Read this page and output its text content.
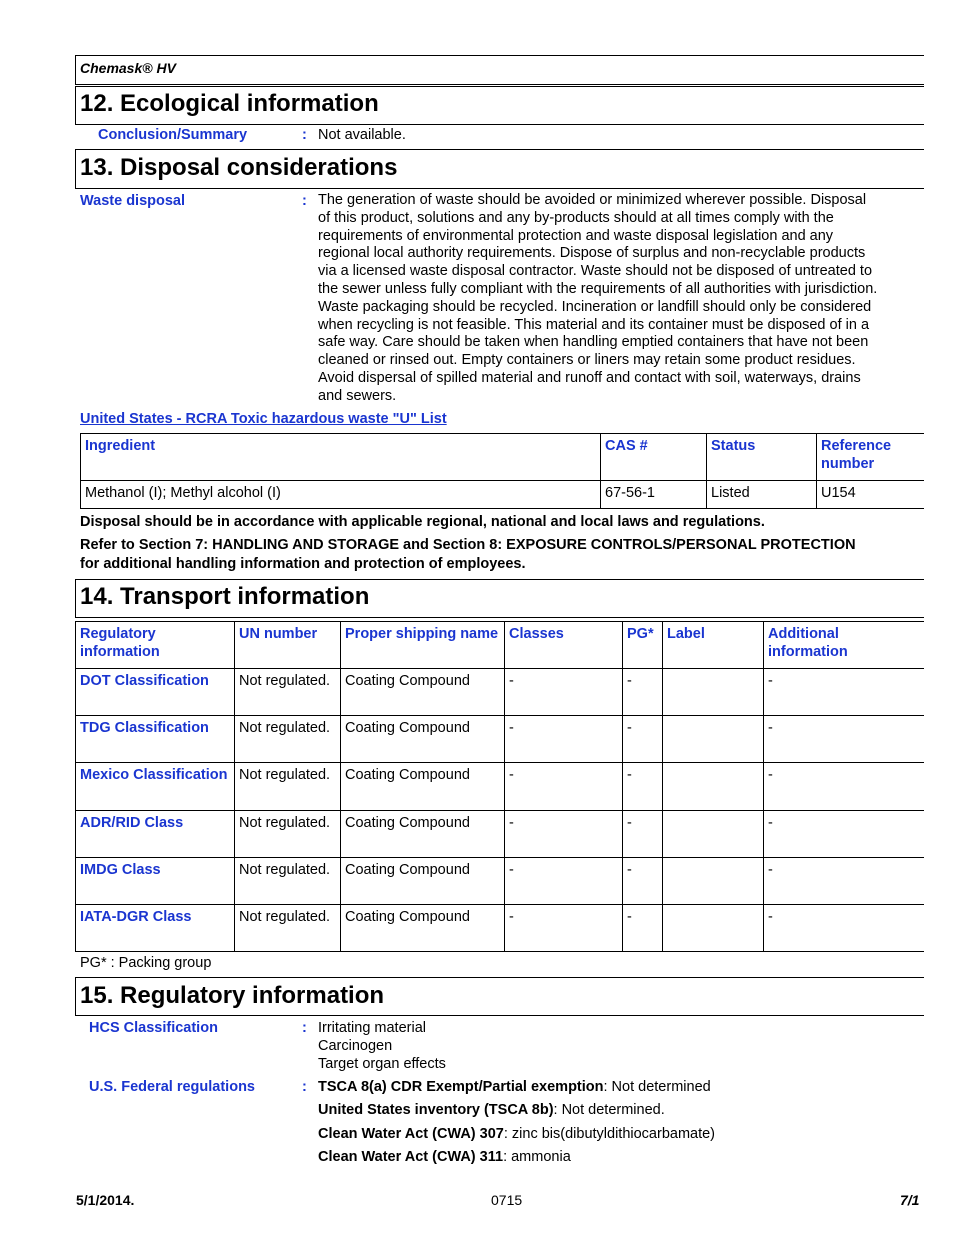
Chemask® HV
12. Ecological information
Conclusion/Summary	: Not available.
13. Disposal considerations
Waste disposal	: The generation of waste should be avoided or minimized wherever possible. Disposal
of this product, solutions and any by-products should at all times comply with the
requirements of environmental protection and waste disposal legislation and any
regional local authority requirements. Dispose of surplus and non-recyclable products
via a licensed waste disposal contractor. Waste should not be disposed of untreated to
the sewer unless fully compliant with the requirements of all authorities with jurisdiction.
Waste packaging should be recycled. Incineration or landfill should only be considered
when recycling is not feasible. This material and its container must be disposed of in a
safe way. Care should be taken when handling emptied containers that have not been
cleaned or rinsed out. Empty containers or liners may retain some product residues.
Avoid dispersal of spilled material and runoff and contact with soil, waterways, drains
and sewers.
United States - RCRA Toxic hazardous waste "U" List
Ingredient	CAS #	Status	Reference number
Methanol (I); Methyl alcohol (I)	67-56-1	Listed	U154
Disposal should be in accordance with applicable regional, national and local laws and regulations.
Refer to Section 7: HANDLING AND STORAGE and Section 8: EXPOSURE CONTROLS/PERSONAL PROTECTION
for additional handling information and protection of employees.
14. Transport information
Regulatory information	UN number	Proper shipping name	Classes	PG*	Label	Additional information
DOT Classification	Not regulated.	Coating Compound	-	-		-
TDG Classification	Not regulated.	Coating Compound	-	-		-
Mexico Classification	Not regulated.	Coating Compound	-	-		-
ADR/RID Class	Not regulated.	Coating Compound	-	-		-
IMDG Class	Not regulated.	Coating Compound	-	-		-
IATA-DGR Class	Not regulated.	Coating Compound	-	-		-
PG* : Packing group
15. Regulatory information
HCS Classification	: Irritating material
Carcinogen
Target organ effects
U.S. Federal regulations	: TSCA 8(a) CDR Exempt/Partial exemption: Not determined
United States inventory (TSCA 8b): Not determined.
Clean Water Act (CWA) 307: zinc bis(dibutyldithiocarbamate)
Clean Water Act (CWA) 311: ammonia
5/1/2014.	0715	7/1
